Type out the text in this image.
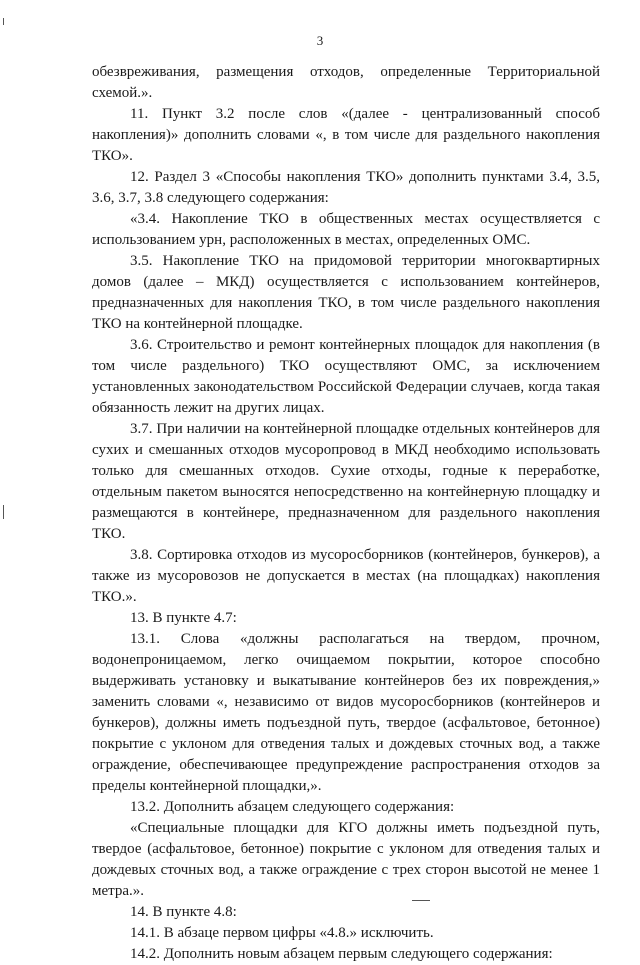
3

обезвреживания, размещения отходов, определенные Территориальной схемой.».

11. Пункт 3.2 после слов «(далее - централизованный способ накопления)» дополнить словами «, в том числе для раздельного накопления ТКО».

12. Раздел 3 «Способы накопления ТКО» дополнить пунктами 3.4, 3.5, 3.6, 3.7, 3.8 следующего содержания:

«3.4. Накопление ТКО в общественных местах осуществляется с использованием урн, расположенных в местах, определенных ОМС.

3.5. Накопление ТКО на придомовой территории многоквартирных домов (далее – МКД) осуществляется с использованием контейнеров, предназначенных для накопления ТКО, в том числе раздельного накопления ТКО на контейнерной площадке.

3.6. Строительство и ремонт контейнерных площадок для накопления (в том числе раздельного) ТКО осуществляют ОМС, за исключением установленных законодательством Российской Федерации случаев, когда такая обязанность лежит на других лицах.

3.7. При наличии на контейнерной площадке отдельных контейнеров для сухих и смешанных отходов мусоропровод в МКД необходимо использовать только для смешанных отходов. Сухие отходы, годные к переработке, отдельным пакетом выносятся непосредственно на контейнерную площадку и размещаются в контейнере, предназначенном для раздельного накопления ТКО.

3.8. Сортировка отходов из мусоросборников (контейнеров, бункеров), а также из мусоровозов не допускается в местах (на площадках) накопления ТКО.».

13. В пункте 4.7:

13.1. Слова «должны располагаться на твердом, прочном, водонепроницаемом, легко очищаемом покрытии, которое способно выдерживать установку и выкатывание контейнеров без их повреждения,» заменить словами «, независимо от видов мусоросборников (контейнеров и бункеров), должны иметь подъездной путь, твердое (асфальтовое, бетонное) покрытие с уклоном для отведения талых и дождевых сточных вод, а также ограждение, обеспечивающее предупреждение распространения отходов за пределы контейнерной площадки,».

13.2. Дополнить абзацем следующего содержания:

«Специальные площадки для КГО должны иметь подъездной путь, твердое (асфальтовое, бетонное) покрытие с уклоном для отведения талых и дождевых сточных вод, а также ограждение с трех сторон высотой не менее 1 метра.».

14. В пункте 4.8:

14.1. В абзаце первом цифры «4.8.» исключить.

14.2. Дополнить новым абзацем первым следующего содержания:
